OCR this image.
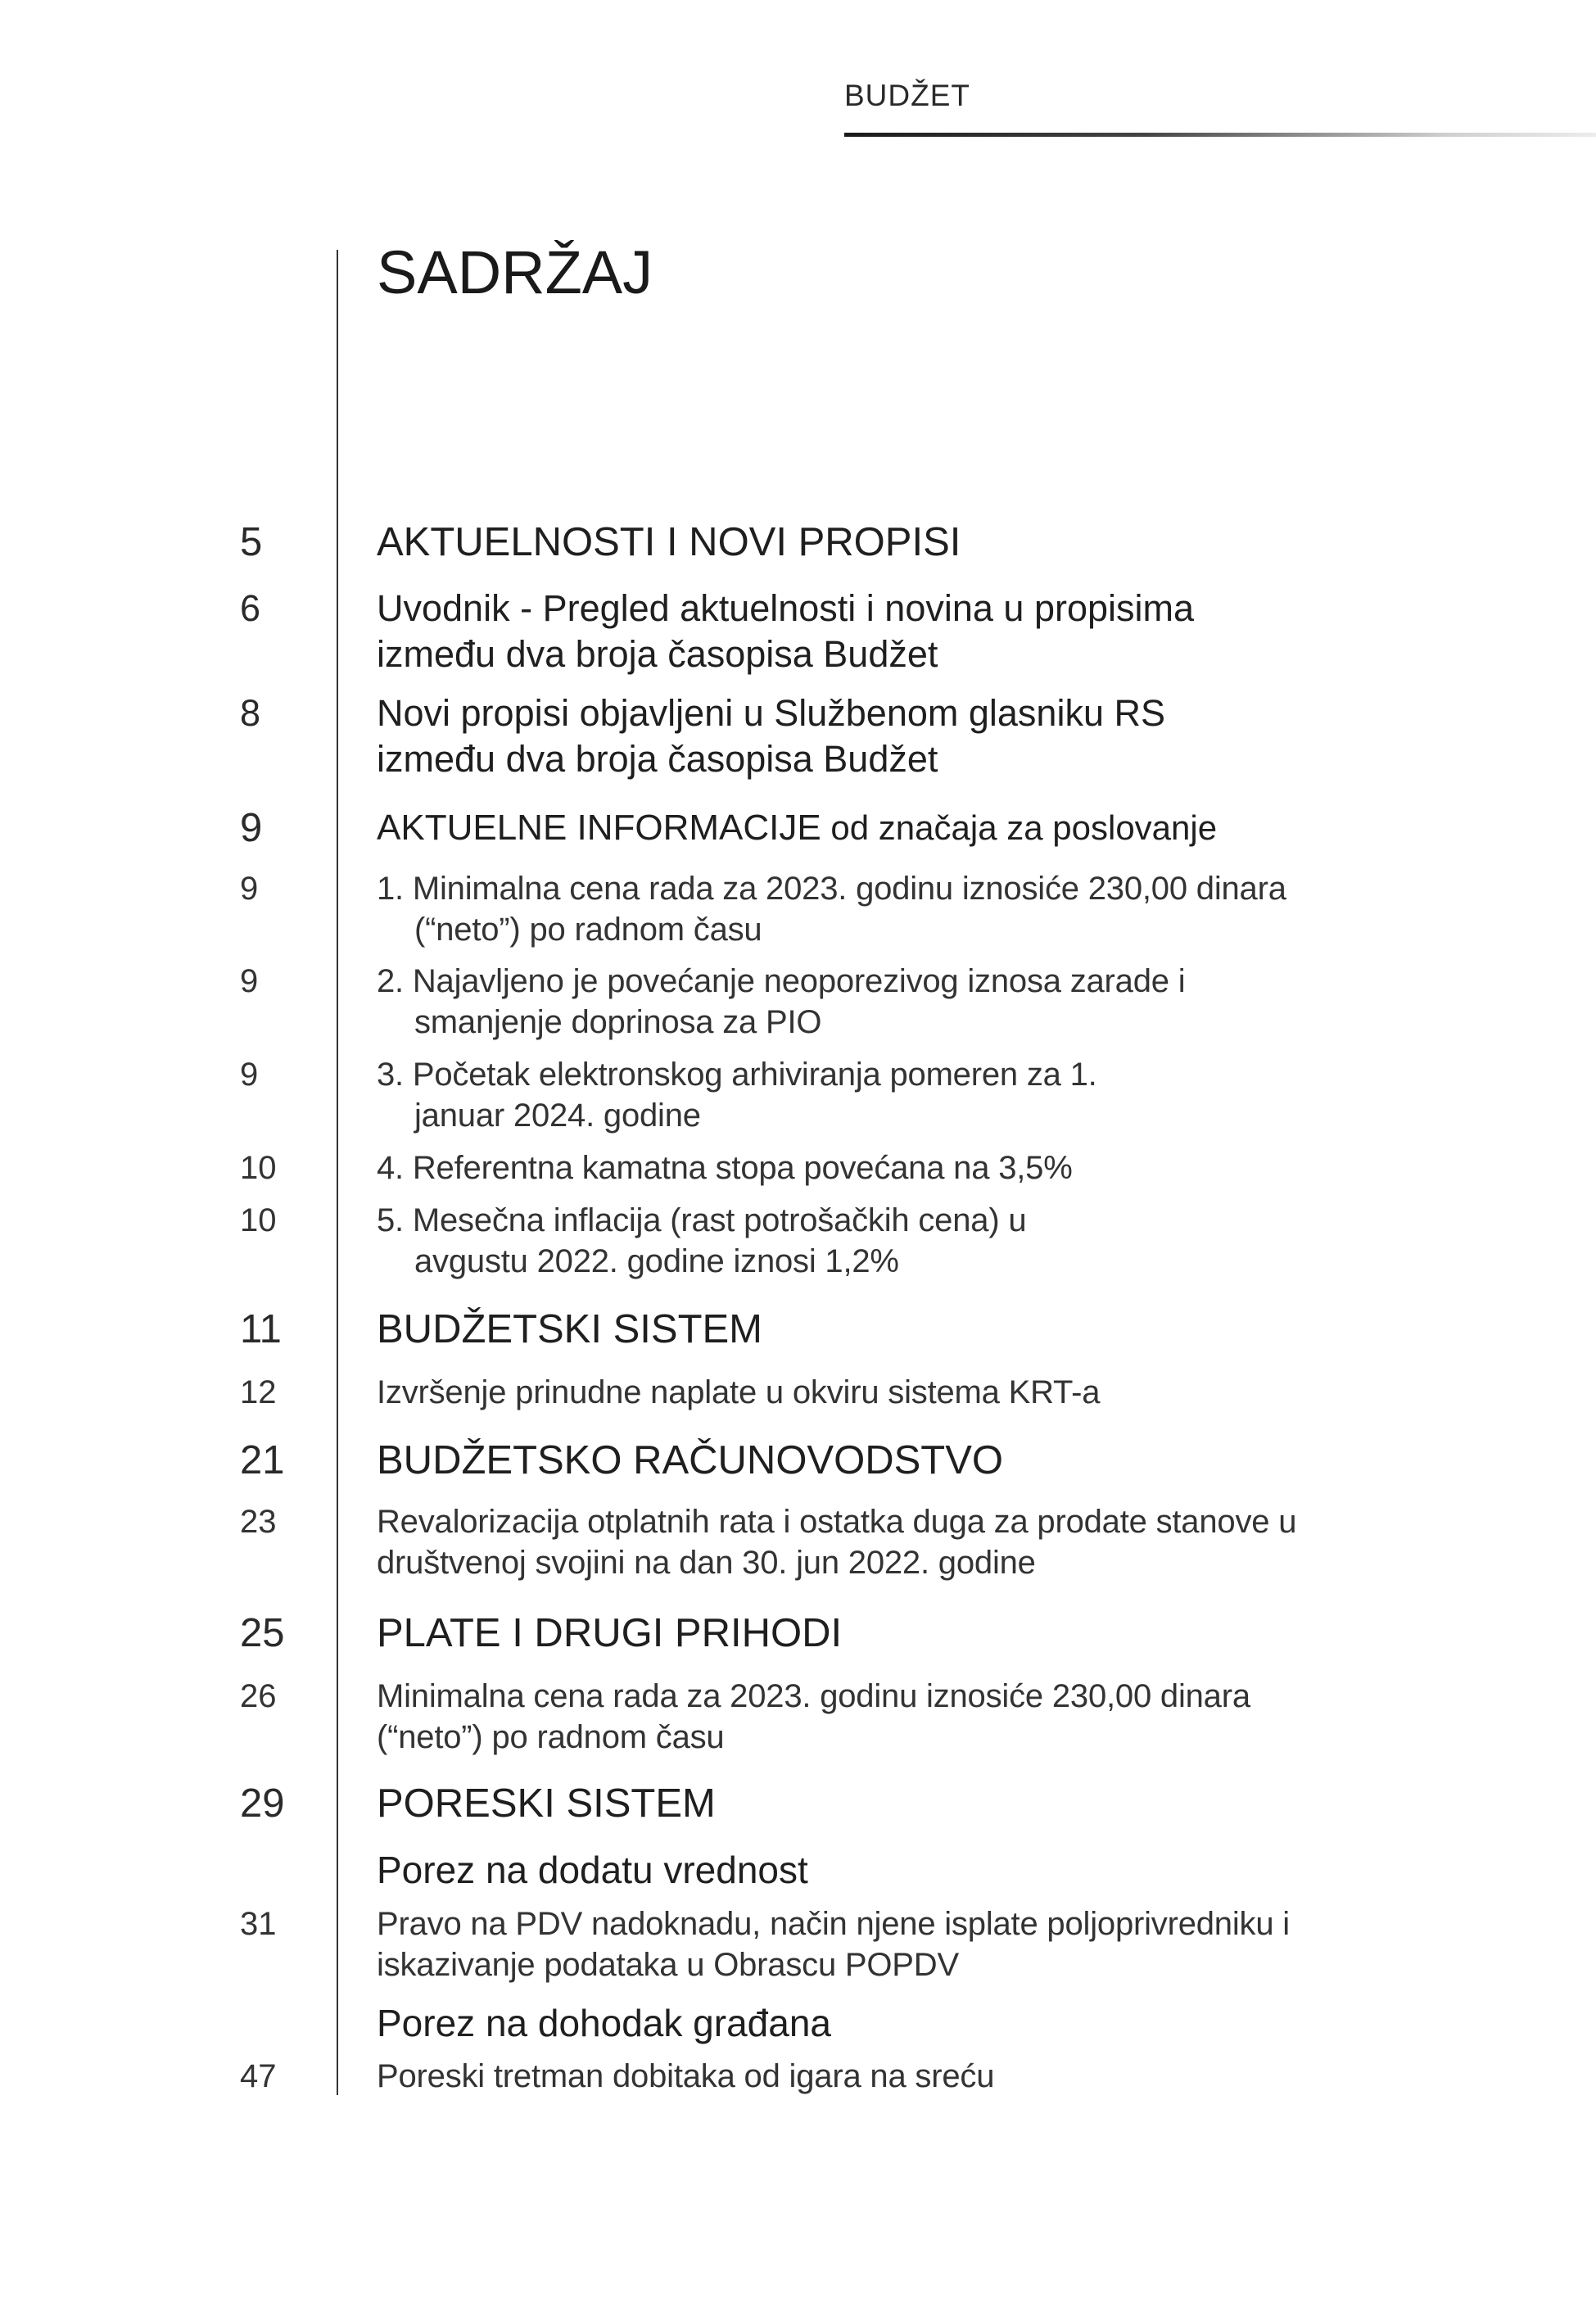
BUDŽET
SADRŽAJ
5	AKTUELNOSTI I NOVI PROPISI
6	Uvodnik - Pregled aktuelnosti i novina u propisima između dva broja časopisa Budžet
8	Novi propisi objavljeni u Službenom glasniku RS između dva broja časopisa Budžet
9	AKTUELNE INFORMACIJE od značaja za poslovanje
9	1. Minimalna cena rada za 2023. godinu iznosiće 230,00 dinara (“neto”) po radnom času
9	2. Najavljeno je povećanje neoporezivog iznosa zarade i smanjenje doprinosa za PIO
9	3. Početak elektronskog arhiviranja pomeren za 1. januar 2024. godine
10	4. Referentna kamatna stopa povećana na 3,5%
10	5. Mesečna inflacija (rast potrošačkih cena) u avgustu 2022. godine iznosi 1,2%
11 BUDŽETSKI SISTEM
12	Izvršenje prinudne naplate u okviru sistema KRT-a
21 BUDŽETSKO RAČUNOVODSTVO
23	Revalorizacija otplatnih rata i ostatka duga za prodate stanove u društvenoj svojini na dan 30. jun 2022. godine
25 PLATE I DRUGI PRIHODI
26	Minimalna cena rada za 2023. godinu iznosiće 230,00 dinara (“neto”) po radnom času
29 PORESKI SISTEM
Porez na dodatu vrednost
31	Pravo na PDV nadoknadu, način njene isplate poljoprivredniku i iskazivanje podataka u Obrascu POPDV
Porez na dohodak građana
47	Poreski tretman dobitaka od igara na sreću
